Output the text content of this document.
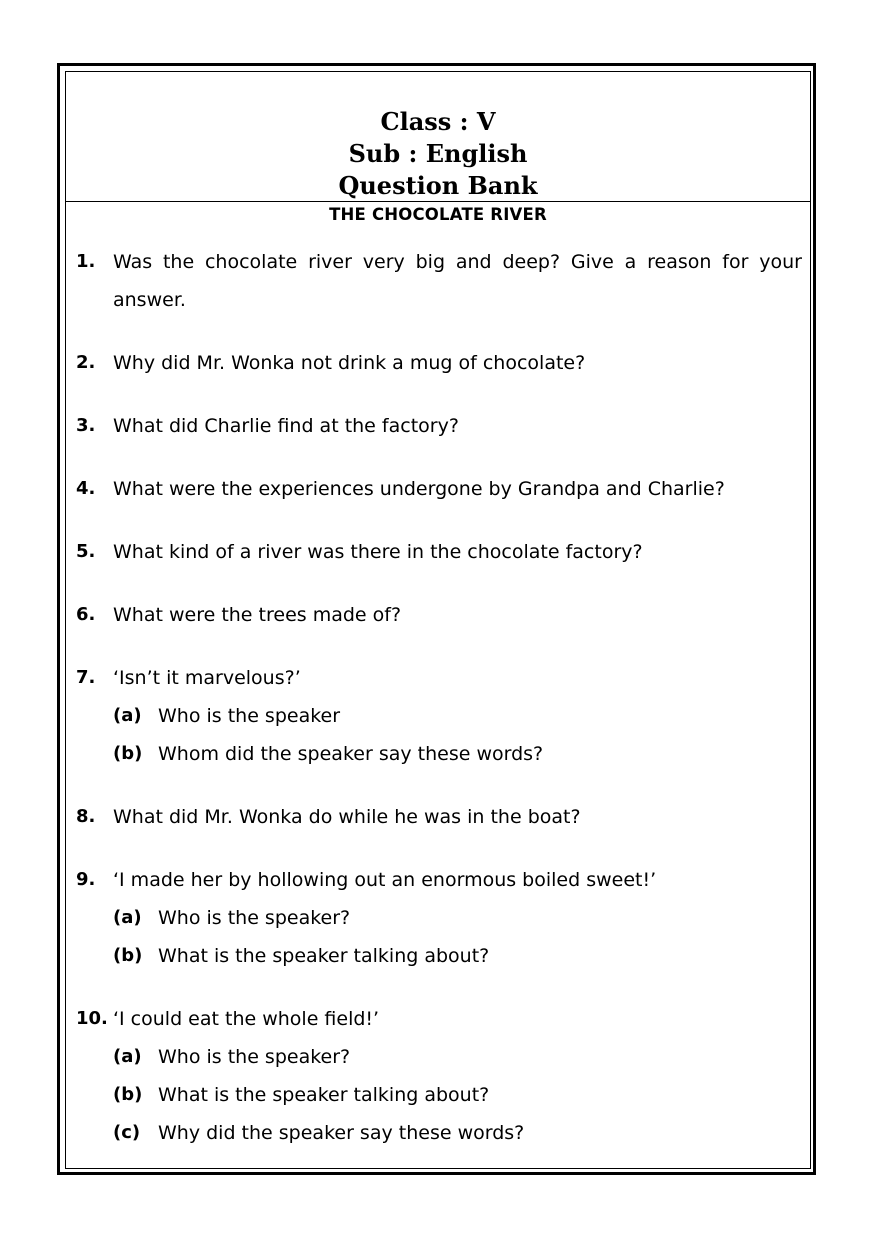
Class : V
Sub : English
Question Bank
THE CHOCOLATE RIVER
1. Was the chocolate river very big and deep? Give a reason for your answer.
2. Why did Mr. Wonka not drink a mug of chocolate?
3. What did Charlie find at the factory?
4. What were the experiences undergone by Grandpa and Charlie?
5. What kind of a river was there in the chocolate factory?
6. What were the trees made of?
7. ‘Isn’t it marvelous?’
(a) Who is the speaker
(b) Whom did the speaker say these words?
8. What did Mr. Wonka do while he was in the boat?
9. ‘I made her by hollowing out an enormous boiled sweet!’
(a) Who is the speaker?
(b) What is the speaker talking about?
10. ‘I could eat the whole field!’
(a) Who is the speaker?
(b) What is the speaker talking about?
(c) Why did the speaker say these words?
